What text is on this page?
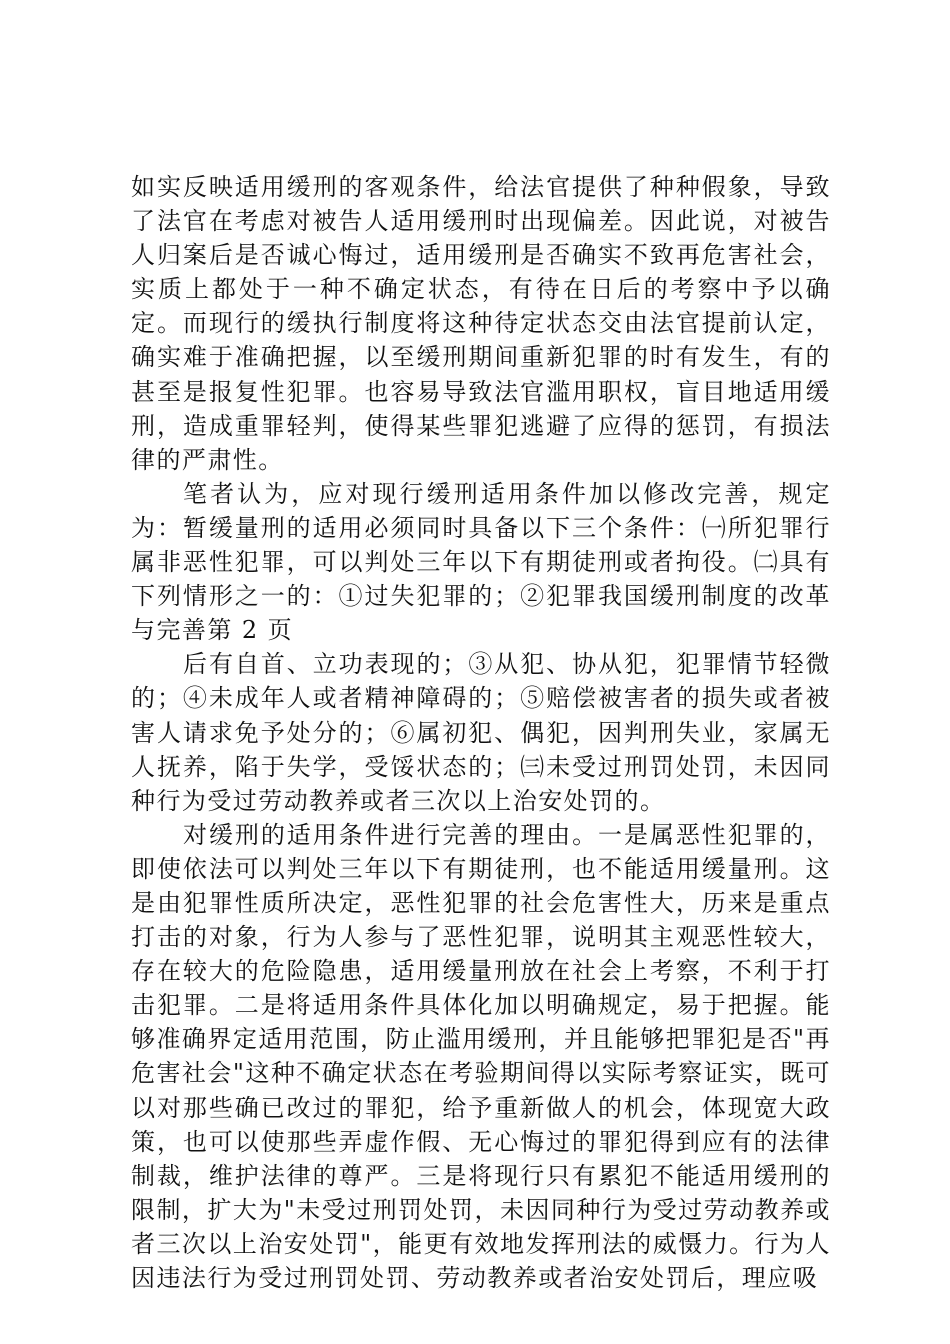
如实反映适用缓刑的客观条件，给法官提供了种种假象，导致了法官在考虑对被告人适用缓刑时出现偏差。因此说，对被告人归案后是否诚心悔过，适用缓刑是否确实不致再危害社会，实质上都处于一种不确定状态，有待在日后的考察中予以确定。而现行的缓执行制度将这种待定状态交由法官提前认定，确实难于准确把握，以至缓刑期间重新犯罪的时有发生，有的甚至是报复性犯罪。也容易导致法官滥用职权，盲目地适用缓刑，造成重罪轻判，使得某些罪犯逃避了应得的惩罚，有损法律的严肃性。

笔者认为，应对现行缓刑适用条件加以修改完善，规定为：暂缓量刑的适用必须同时具备以下三个条件：㈠所犯罪行属非恶性犯罪，可以判处三年以下有期徒刑或者拘役。㈡具有下列情形之一的：①过失犯罪的；②犯罪我国缓刑制度的改革与完善第 2 页

后有自首、立功表现的；③从犯、协从犯，犯罪情节轻微的；④未成年人或者精神障碍的；⑤赔偿被害者的损失或者被害人请求免予处分的；⑥属初犯、偶犯，因判刑失业，家属无人抚养，陷于失学，受馁状态的；㈢未受过刑罚处罚，未因同种行为受过劳动教养或者三次以上治安处罚的。

对缓刑的适用条件进行完善的理由。一是属恶性犯罪的，即使依法可以判处三年以下有期徒刑，也不能适用缓量刑。这是由犯罪性质所决定，恶性犯罪的社会危害性大，历来是重点打击的对象，行为人参与了恶性犯罪，说明其主观恶性较大，存在较大的危险隐患，适用缓量刑放在社会上考察，不利于打击犯罪。二是将适用条件具体化加以明确规定，易于把握。能够准确界定适用范围，防止滥用缓刑，并且能够把罪犯是否"再危害社会"这种不确定状态在考验期间得以实际考察证实，既可以对那些确已改过的罪犯，给予重新做人的机会，体现宽大政策，也可以使那些弄虚作假、无心悔过的罪犯得到应有的法律制裁，维护法律的尊严。三是将现行只有累犯不能适用缓刑的限制，扩大为"未受过刑罚处罚，未因同种行为受过劳动教养或者三次以上治安处罚"，能更有效地发挥刑法的威慑力。行为人因违法行为受过刑罚处罚、劳动教养或者治安处罚后，理应吸
